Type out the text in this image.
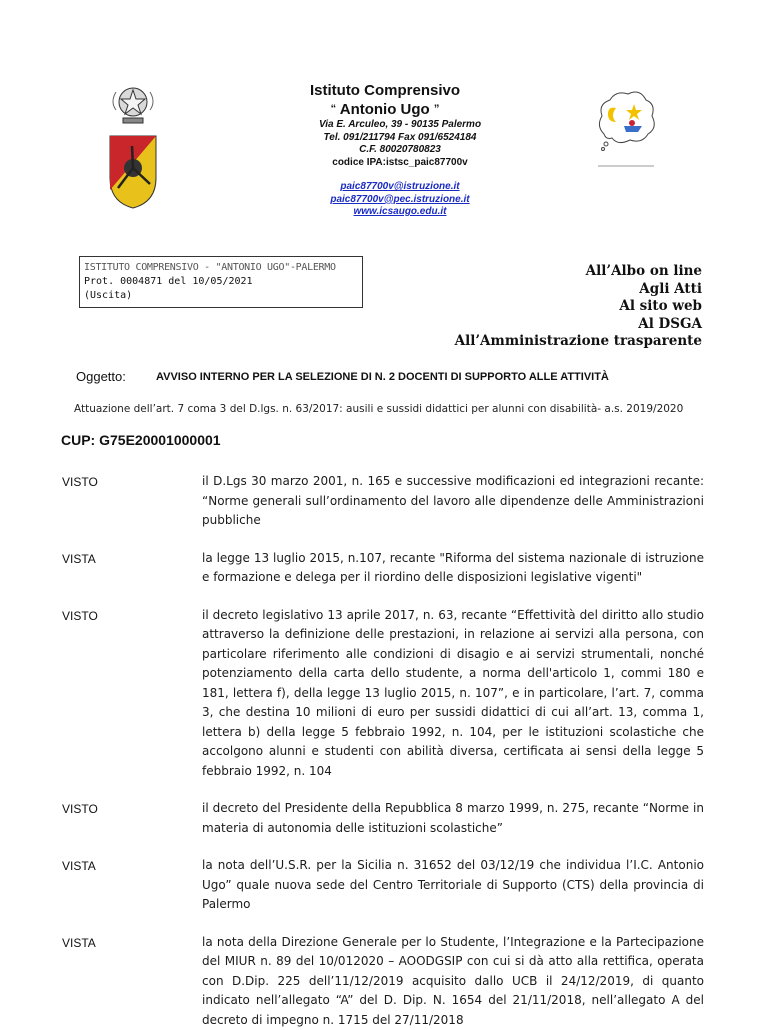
Istituto Comprensivo
“ Antonio Ugo ”
Via E. Arculeo, 39 - 90135 Palermo
Tel. 091/211794 Fax 091/6524184
C.F. 80020780823
codice IPA:istsc_paic87700v
paic87700v@istruzione.it
paic87700v@pec.istruzione.it
www.icsaugo.edu.it
ISTITUTO COMPRENSIVO - "ANTONIO UGO"-PALERMO
Prot. 0004871 del 10/05/2021
(Uscita)
All’Albo on line
Agli Atti
Al sito web
Al DSGA
All’Amministrazione trasparente
Oggetto:	AVVISO INTERNO PER LA SELEZIONE DI N. 2 DOCENTI DI SUPPORTO ALLE ATTIVITÀ
Attuazione dell’art. 7 coma 3 del D.lgs. n. 63/2017: ausili e sussidi didattici per alunni con disabilità- a.s. 2019/2020
CUP: G75E20001000001
VISTO	il D.Lgs 30 marzo 2001, n. 165 e successive modificazioni ed integrazioni recante: “Norme generali sull’ordinamento del lavoro alle dipendenze delle Amministrazioni pubbliche
VISTA	la legge 13 luglio 2015, n.107, recante "Riforma del sistema nazionale di istruzione e formazione e delega per il riordino delle disposizioni legislative vigenti"
VISTO	il decreto legislativo 13 aprile 2017, n. 63, recante “Effettività del diritto allo studio attraverso la definizione delle prestazioni, in relazione ai servizi alla persona, con particolare riferimento alle condizioni di disagio e ai servizi strumentali, nonché potenziamento della carta dello studente, a norma dell'articolo 1, commi 180 e 181, lettera f), della legge 13 luglio 2015, n. 107”, e in particolare, l’art. 7, comma 3, che destina 10 milioni di euro per sussidi didattici di cui all’art. 13, comma 1, lettera b) della legge 5 febbraio 1992, n. 104, per le istituzioni scolastiche che accolgono alunni e studenti con abilità diversa, certificata ai sensi della legge 5 febbraio 1992, n. 104
VISTO	il decreto del Presidente della Repubblica 8 marzo 1999, n. 275, recante “Norme in materia di autonomia delle istituzioni scolastiche”
VISTA	la nota dell’U.S.R. per la Sicilia n. 31652 del 03/12/19 che individua l’I.C. Antonio Ugo” quale nuova sede del Centro Territoriale di Supporto (CTS) della provincia di Palermo
VISTA	la nota della Direzione Generale per lo Studente, l’Integrazione e la Partecipazione del MIUR n. 89 del 10/012020 – AOODGSIP con cui si dà atto alla rettifica, operata con D.Dip. 225 dell’11/12/2019 acquisito dallo UCB il 24/12/2019, di quanto indicato nell’allegato “A” del D. Dip. N. 1654 del 21/11/2018, nell’allegato A del decreto di impegno n. 1715 del 27/11/2018
